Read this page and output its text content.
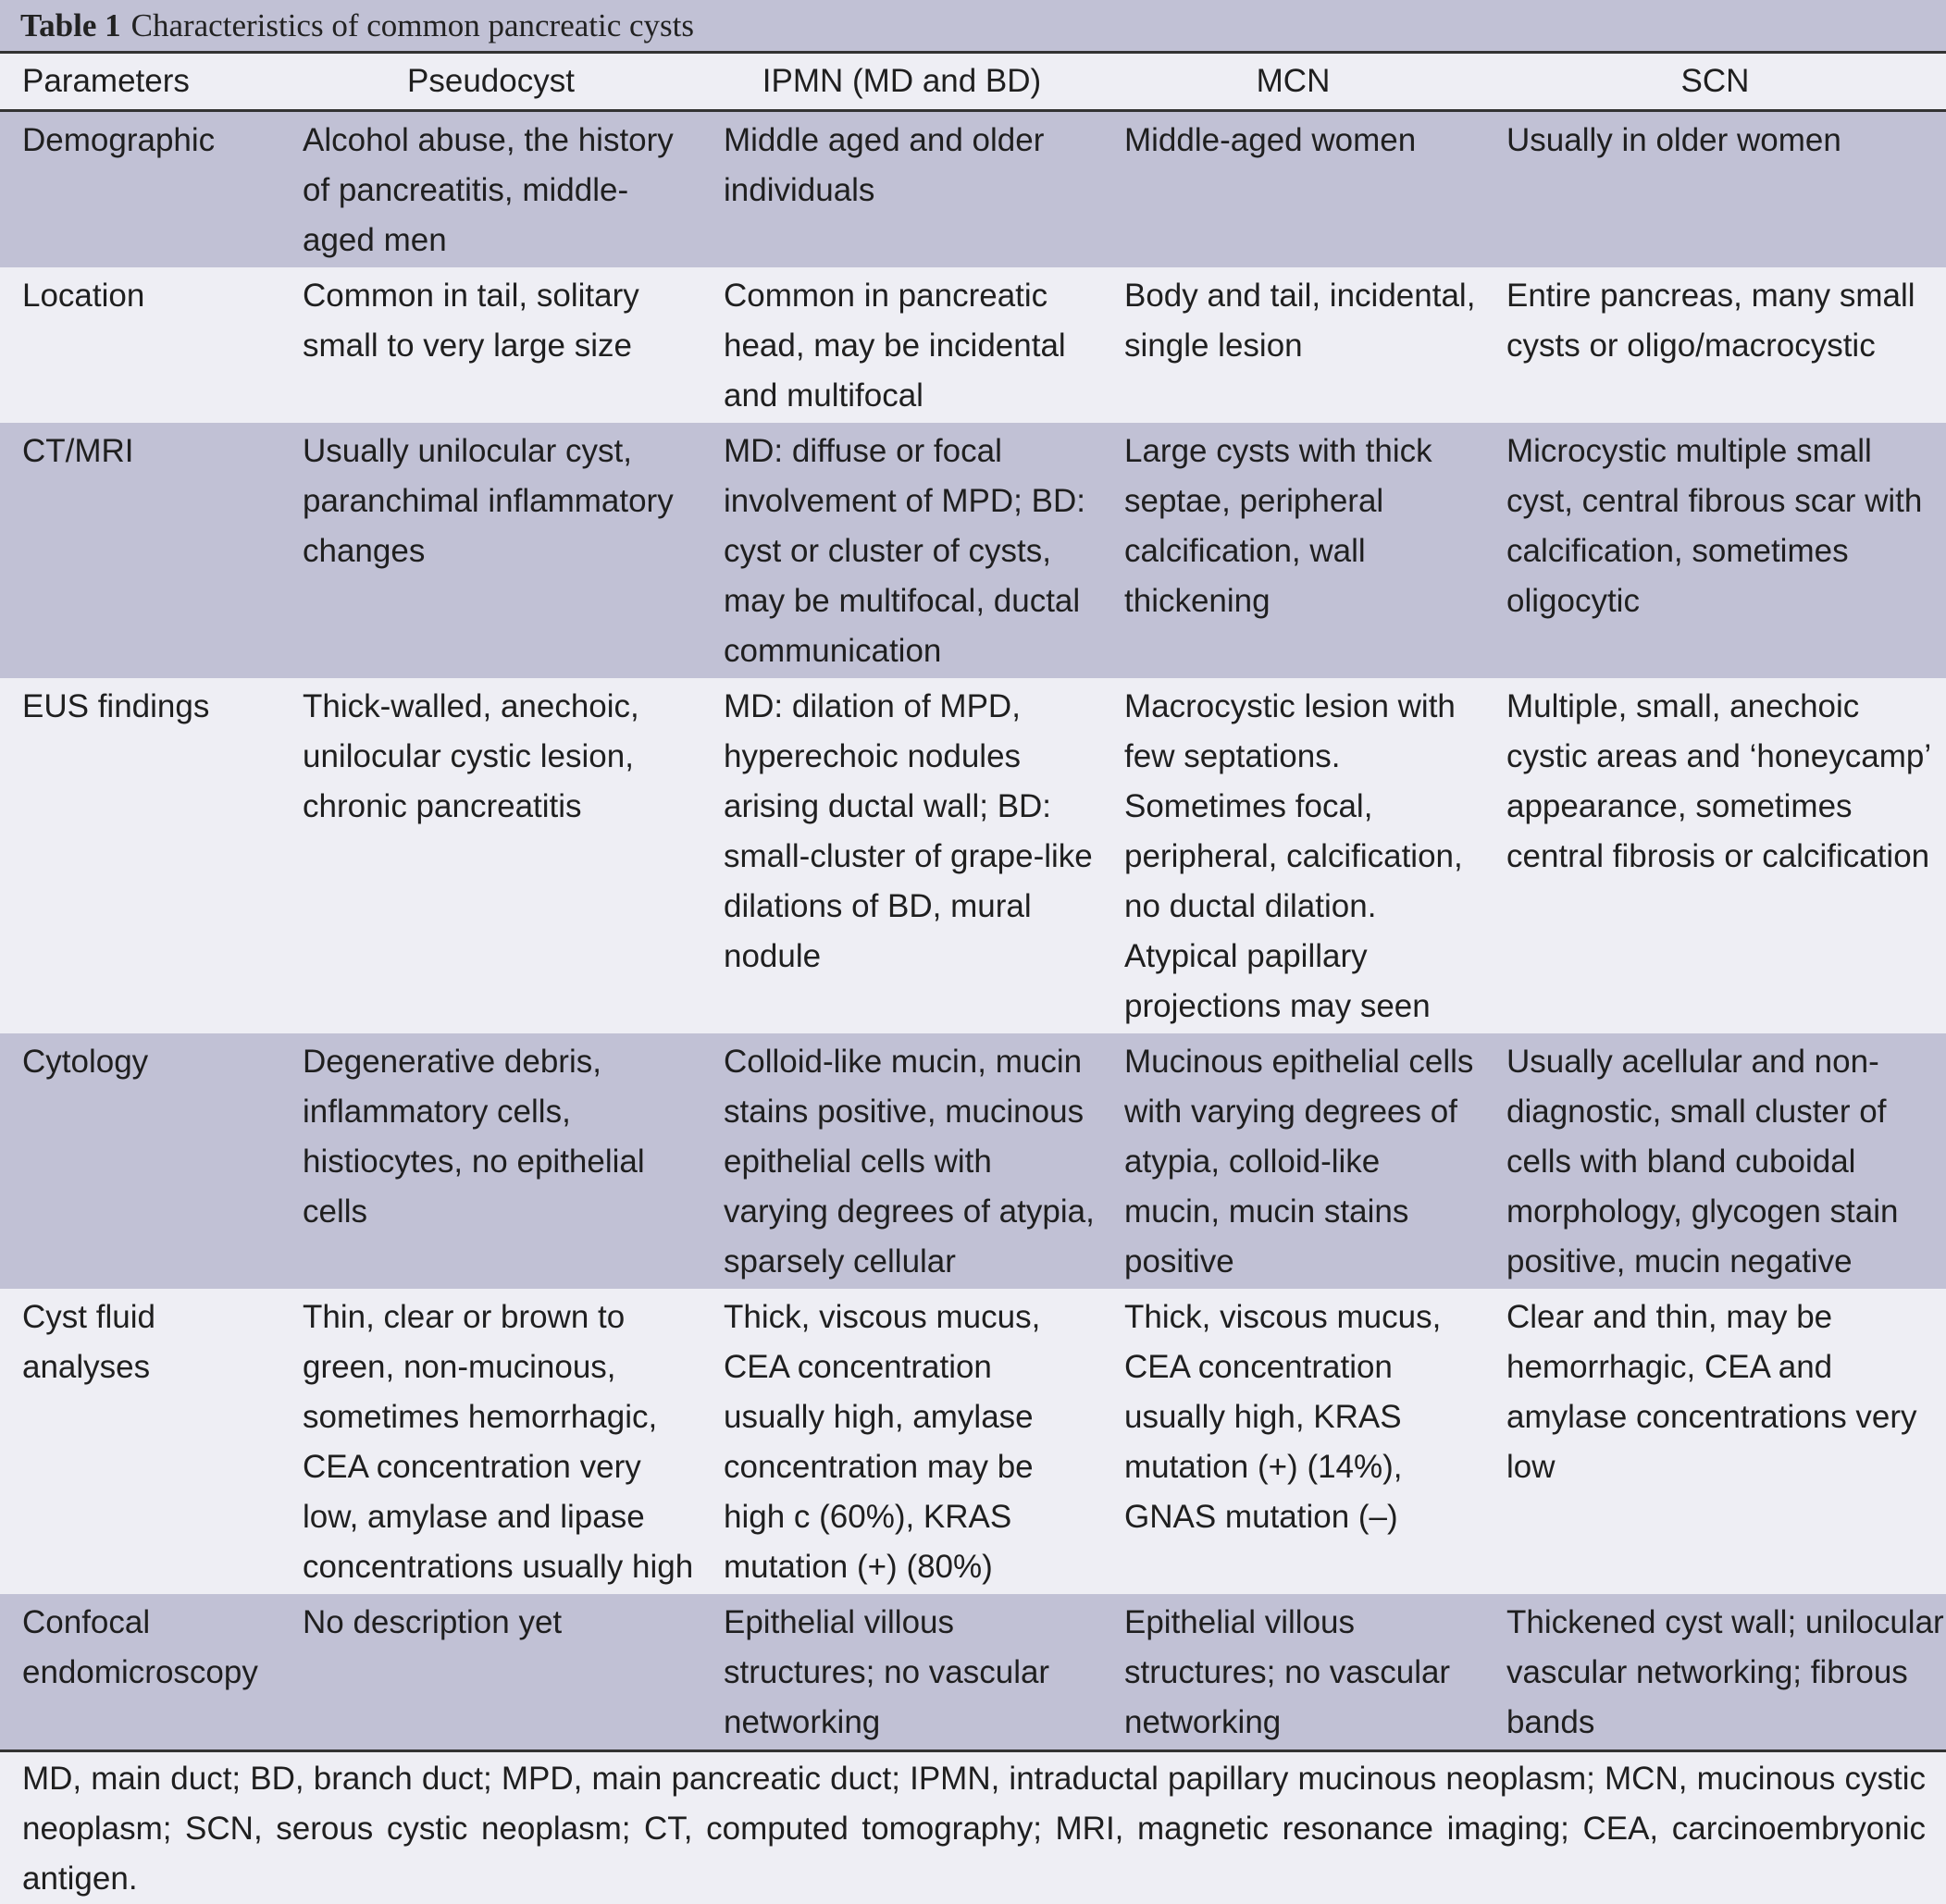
Table 1 Characteristics of common pancreatic cysts
Parameters	Pseudocyst	IPMN (MD and BD)	MCN	SCN
Demographic	Alcohol abuse, the history of pancreatitis, middle-aged men	Middle aged and older individuals	Middle-aged women	Usually in older women
Location	Common in tail, solitary small to very large size	Common in pancreatic head, may be incidental and multifocal	Body and tail, incidental, single lesion	Entire pancreas, many small cysts or oligo/macrocystic
CT/MRI	Usually unilocular cyst, paranchimal inflammatory changes	MD: diffuse or focal involvement of MPD; BD: cyst or cluster of cysts, may be multifocal, ductal communication	Large cysts with thick septae, peripheral calcification, wall thickening	Microcystic multiple small cyst, central fibrous scar with calcification, sometimes oligocytic
EUS findings	Thick-walled, anechoic, unilocular cystic lesion, chronic pancreatitis	MD: dilation of MPD, hyperechoic nodules arising ductal wall; BD: small-cluster of grape-like dilations of BD, mural nodule	Macrocystic lesion with few septations. Sometimes focal, peripheral, calcification, no ductal dilation. Atypical papillary projections may seen	Multiple, small, anechoic cystic areas and ‘honeycamp’ appearance, sometimes central fibrosis or calcification
Cytology	Degenerative debris, inflammatory cells, histiocytes, no epithelial cells	Colloid-like mucin, mucin stains positive, mucinous epithelial cells with varying degrees of atypia, sparsely cellular	Mucinous epithelial cells with varying degrees of atypia, colloid-like mucin, mucin stains positive	Usually acellular and non-diagnostic, small cluster of cells with bland cuboidal morphology, glycogen stain positive, mucin negative
Cyst fluid analyses	Thin, clear or brown to green, non-mucinous, sometimes hemorrhagic, CEA concentration very low, amylase and lipase concentrations usually high	Thick, viscous mucus, CEA concentration usually high, amylase concentration may be high c (60%), KRAS mutation (+) (80%)	Thick, viscous mucus, CEA concentration usually high, KRAS mutation (+) (14%), GNAS mutation (–)	Clear and thin, may be hemorrhagic, CEA and amylase concentrations very low
Confocal endomicroscopy	No description yet	Epithelial villous structures; no vascular networking	Epithelial villous structures; no vascular networking	Thickened cyst wall; unilocular vascular networking; fibrous bands
MD, main duct; BD, branch duct; MPD, main pancreatic duct; IPMN, intraductal papillary mucinous neoplasm; MCN, mucinous cystic neoplasm; SCN, serous cystic neoplasm; CT, computed tomography; MRI, magnetic resonance imaging; CEA, carcinoembryonic antigen.
